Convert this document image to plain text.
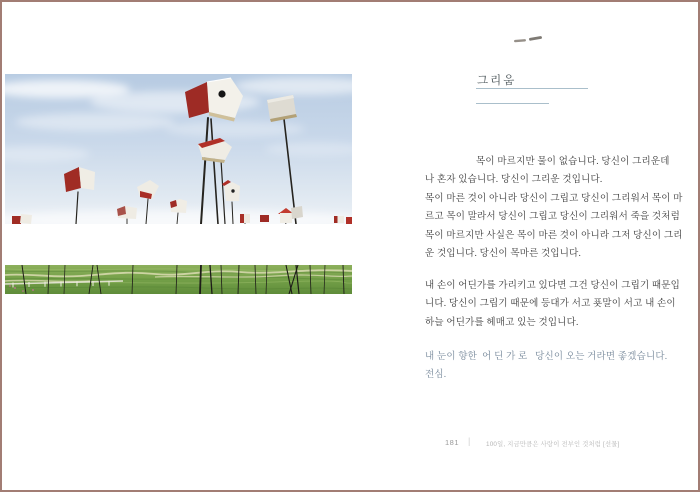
그리움
목이 마르지만 물이 없습니다. 당신이 그리운데
나 혼자 있습니다. 당신이 그리운 것입니다.
목이 마른 것이 아니라 당신이 그립고 당신이 그리워서 목이 마
르고 목이 말라서 당신이 그립고 당신이 그리워서 죽을 것처럼
목이 마르지만 사실은 목이 마른 것이 아니라 그저 당신이 그리
운 것입니다. 당신이 목마른 것입니다.
내 손이 어딘가를 가리키고 있다면 그건 당신이 그립기 때문입
니다. 당신이 그립기 때문에 등대가 서고 푯말이 서고 내 손이
하늘 어딘가를 헤매고 있는 것입니다.
내 눈이 향한  어 딘 가 로   당신이 오는 거라면 좋겠습니다.
전심.
181 | 100일, 지금만큼은 사랑이 전부인 것처럼 [선물]
